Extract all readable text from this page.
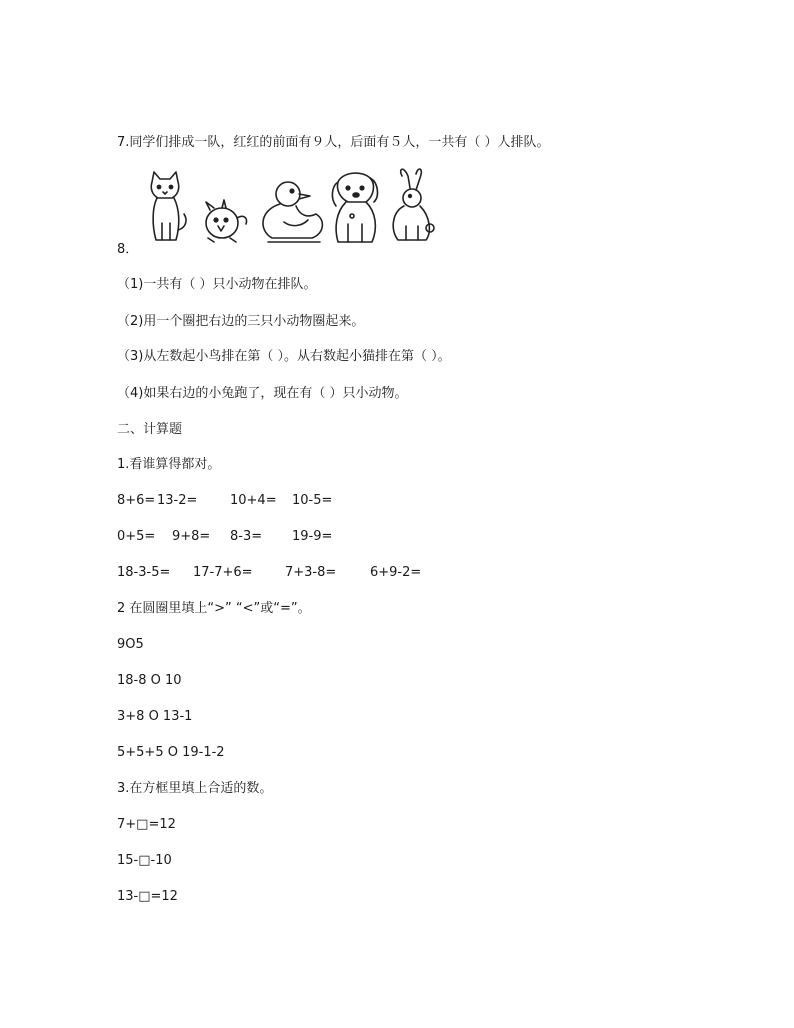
7.同学们排成一队，红红的前面有９人，后面有５人，一共有（ ）人排队。
8．
（1)一共有（ ）只小动物在排队。
（2)用一个圈把右边的三只小动物圈起来。
（3)从左数起小鸟排在第（ ）。从右数起小猫排在第（ ）。
（4)如果右边的小兔跑了，现在有（ ）只小动物。
二、计算题
1.看谁算得都对。
8+6= 13-2=	10+4= 10-5=
0+5= 9+8= 8-3= 19-9=
18-3-5= 17-7+6= 7+3-8=	6+9-2=
2 在圆圈里填上“>” “<”或“=”。
9O5
18-8 O 10
3+8 O 13-1
5+5+5 O 19-1-2
3.在方框里填上合适的数。
7+□=12
15-□-10
13-□=12
